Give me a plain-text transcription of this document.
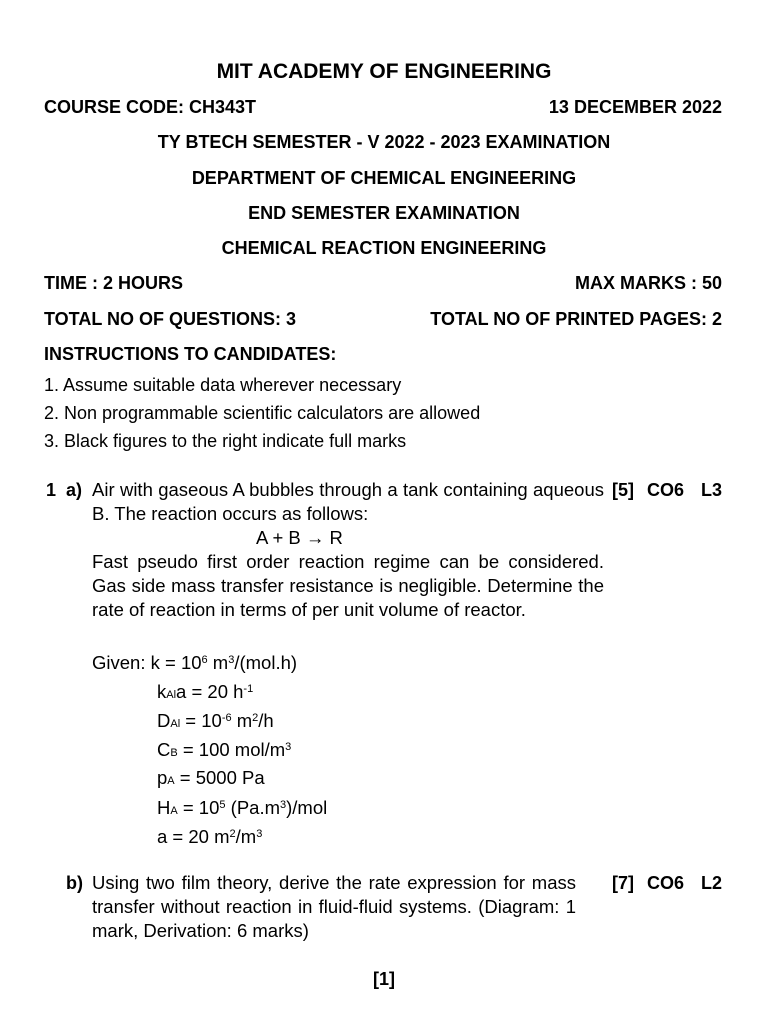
MIT ACADEMY OF ENGINEERING
COURSE CODE: CH343T	13 DECEMBER 2022
TY BTECH SEMESTER - V 2022 - 2023 EXAMINATION
DEPARTMENT OF CHEMICAL ENGINEERING
END SEMESTER EXAMINATION
CHEMICAL REACTION ENGINEERING
TIME : 2 HOURS	MAX MARKS : 50
TOTAL NO OF QUESTIONS: 3	TOTAL NO OF PRINTED PAGES: 2
INSTRUCTIONS TO CANDIDATES:
1. Assume suitable data wherever necessary
2. Non programmable scientific calculators are allowed
3. Black figures to the right indicate full marks
1 a) Air with gaseous A bubbles through a tank containing aqueous B. The reaction occurs as follows:
A + B → R
Fast pseudo first order reaction regime can be considered. Gas side mass transfer resistance is negligible. Determine the rate of reaction in terms of per unit volume of reactor.
[5] CO6 L3
Given: $k = 10^6$ $m^3/(mol.h)$
$k_{Al}a = 20$ $h^{-1}$
$D_{Al} = 10^{-6}$ $m^2/h$
$C_B = 100$ mol/$m^3$
$p_A = 5000$ Pa
$H_A = 10^5$ $(Pa.m^3)$/mol
a = 20 $m^2/m^3$
b) Using two film theory, derive the rate expression for mass transfer without reaction in fluid-fluid systems. (Diagram: 1 mark, Derivation: 6 marks)
[7] CO6 L2
[1]
